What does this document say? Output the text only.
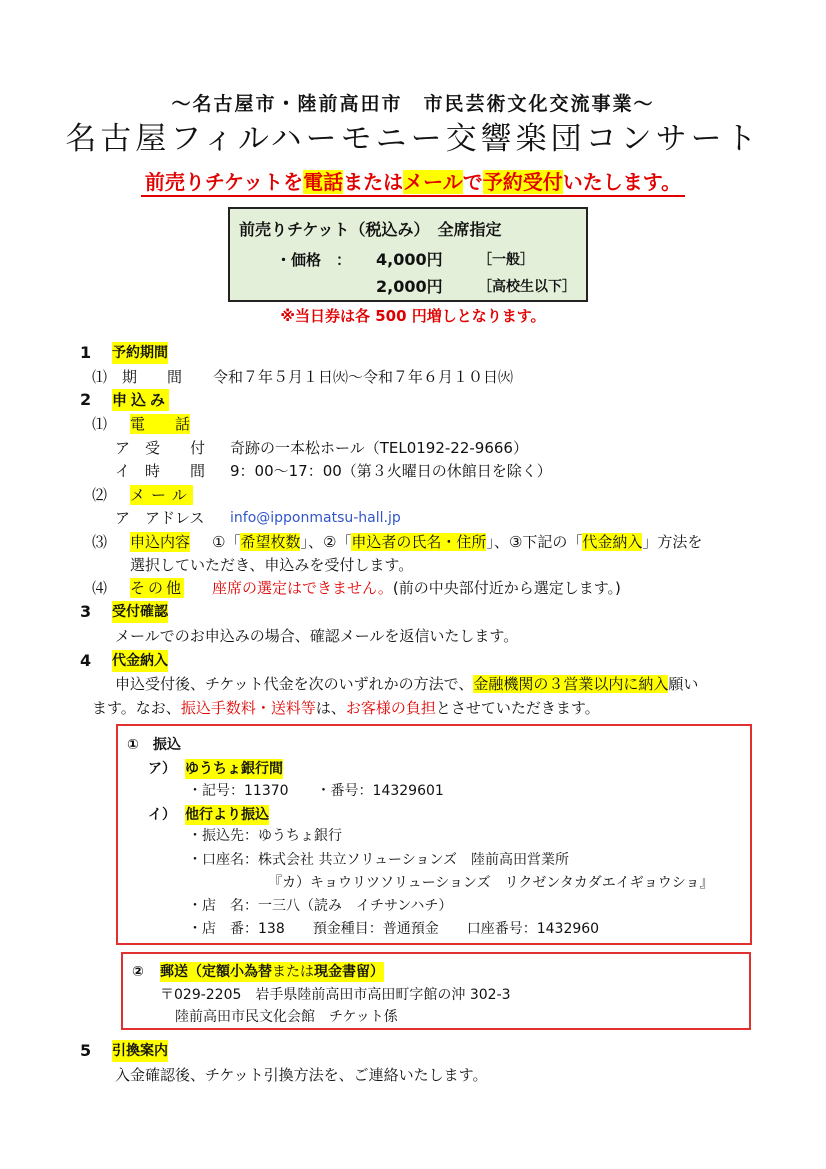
〜名古屋市・陸前高田市　市民芸術文化交流事業〜
名古屋フィルハーモニー交響楽団コンサート
前売りチケットを電話またはメールで予約受付いたします。
前売りチケット（税込み）　全席指定
・価格　： 4,000円	［一般］
2,000円	［高校生以下］
※当日券は各 500 円増しとなります。
1 予約期間
⑴　期　　間 令和７年５月１日㈫〜令和７年６月１０日㈫
2 申込み
⑴ 電　　話
ア　受　　付 奇跡の一本松ホール（TEL0192-22-9666）
イ　時　　間 9：00〜17：00（第３火曜日の休館日を除く）
⑵ メール
ア　アドレス info@ipponmatsu-hall.jp
⑶ 申込内容 ①「希望枚数」、②「申込者の氏名・住所」、③下記の「代金納入」方法を
選択していただき、申込みを受付します。
⑷ その他 座席の選定はできません。(前の中央部付近から選定します。)
3 受付確認
メールでのお申込みの場合、確認メールを返信いたします。
4 代金納入
申込受付後、チケット代金を次のいずれかの方法で、金融機関の３営業以内に納入願い
ます。なお、振込手数料・送料等は、お客様の負担とさせていただきます。
①　振込
ア） ゆうちょ銀行間
・記号：11370　　・番号：14329601
イ） 他行より振込
・振込先：ゆうちょ銀行
・口座名：株式会社 共立ソリューションズ　陸前高田営業所
『カ）キョウリツソリューションズ　リクゼンタカダエイギョウショ』
・店　名：一三八（読み　イチサンハチ）
・店　番：138　　預金種目：普通預金　　口座番号：1432960
② 郵送（定額小為替または現金書留）
〒029-2205　岩手県陸前高田市高田町字館の沖 302-3
陸前高田市民文化会館　チケット係
5 引換案内
入金確認後、チケット引換方法を、ご連絡いたします。
